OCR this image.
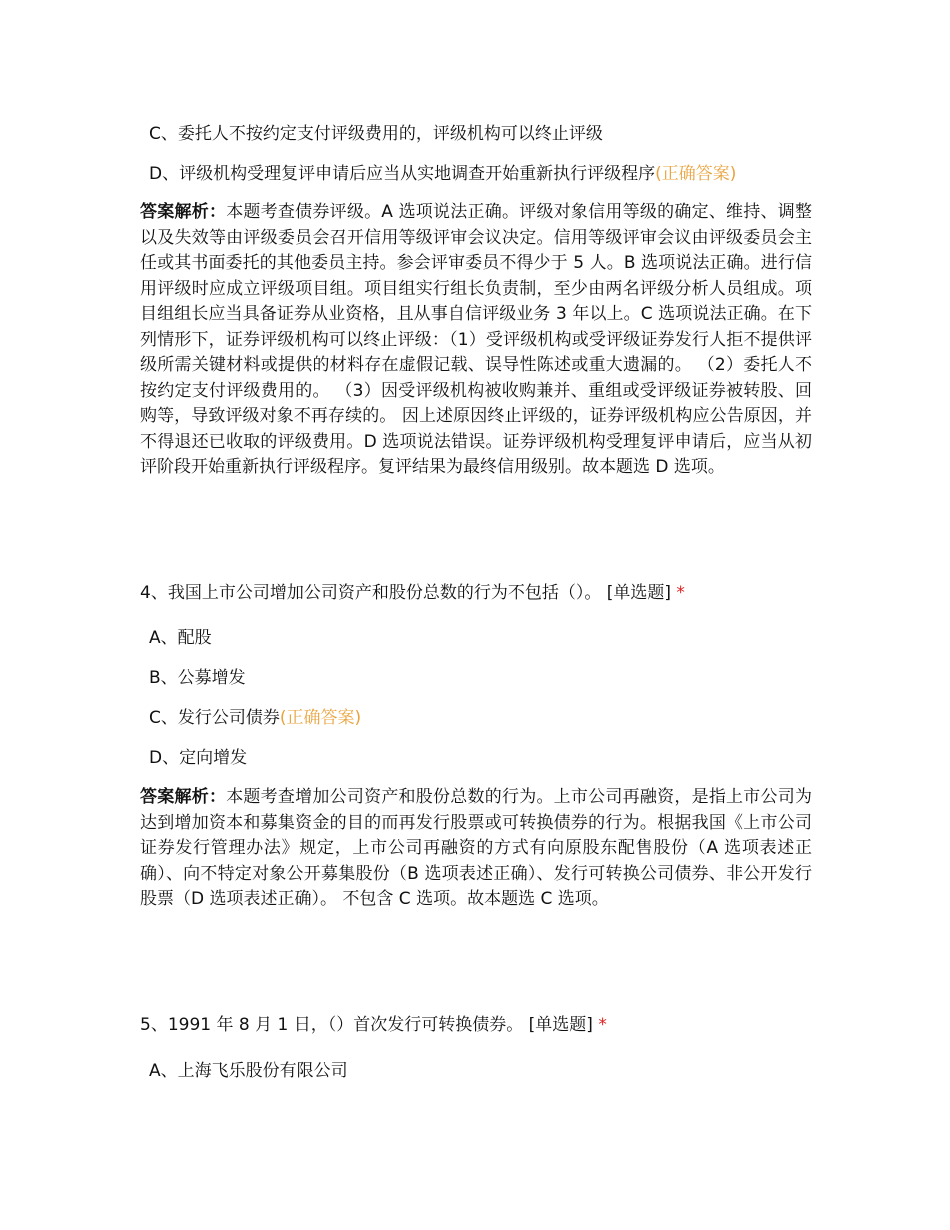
C、委托人不按约定支付评级费用的，评级机构可以终止评级
D、评级机构受理复评申请后应当从实地调查开始重新执行评级程序(正确答案)
答案解析：本题考查债券评级。A 选项说法正确。评级对象信用等级的确定、维持、调整以及失效等由评级委员会召开信用等级评审会议决定。信用等级评审会议由评级委员会主任或其书面委托的其他委员主持。参会评审委员不得少于 5 人。B 选项说法正确。进行信用评级时应成立评级项目组。项目组实行组长负责制，至少由两名评级分析人员组成。项目组组长应当具备证券从业资格，且从事自信评级业务 3 年以上。C 选项说法正确。在下列情形下，证券评级机构可以终止评级：（1）受评级机构或受评级证券发行人拒不提供评级所需关键材料或提供的材料存在虚假记载、误导性陈述或重大遗漏的。 （2）委托人不按约定支付评级费用的。 （3）因受评级机构被收购兼并、重组或受评级证券被转股、回购等，导致评级对象不再存续的。 因上述原因终止评级的，证券评级机构应公告原因，并不得退还已收取的评级费用。D 选项说法错误。证券评级机构受理复评申请后，应当从初评阶段开始重新执行评级程序。复评结果为最终信用级别。故本题选 D 选项。
4、我国上市公司增加公司资产和股份总数的行为不包括（）。 [单选题] *
A、配股
B、公募增发
C、发行公司债券(正确答案)
D、定向增发
答案解析：本题考查增加公司资产和股份总数的行为。上市公司再融资，是指上市公司为达到增加资本和募集资金的目的而再发行股票或可转换债券的行为。根据我国《上市公司证券发行管理办法》规定，上市公司再融资的方式有向原股东配售股份（A 选项表述正确）、向不特定对象公开募集股份（B 选项表述正确）、发行可转换公司债券、非公开发行股票（D 选项表述正确）。 不包含 C 选项。故本题选 C 选项。
5、1991 年 8 月 1 日，（）首次发行可转换债券。 [单选题] *
A、上海飞乐股份有限公司
